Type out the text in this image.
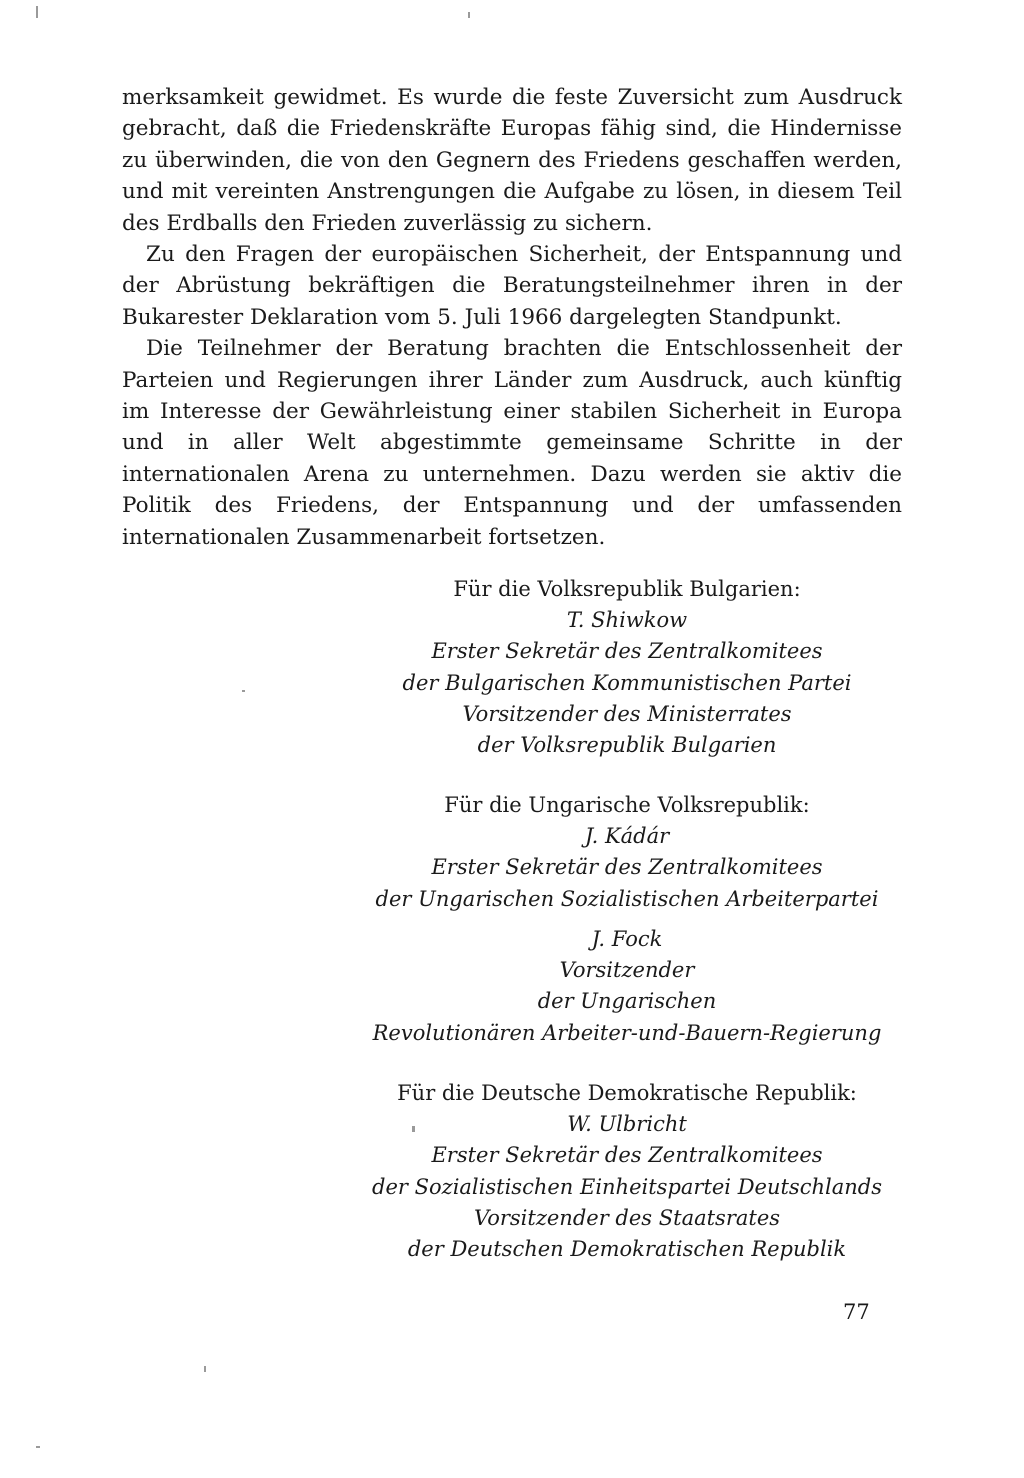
merksamkeit gewidmet. Es wurde die feste Zuversicht zum Ausdruck gebracht, daß die Friedenskräfte Europas fähig sind, die Hindernisse zu überwinden, die von den Gegnern des Friedens geschaffen werden, und mit vereinten Anstrengungen die Aufgabe zu lösen, in diesem Teil des Erdballs den Frieden zuverlässig zu sichern.

Zu den Fragen der europäischen Sicherheit, der Entspannung und der Abrüstung bekräftigen die Beratungsteilnehmer ihren in der Bukarester Deklaration vom 5. Juli 1966 dargelegten Standpunkt.

Die Teilnehmer der Beratung brachten die Entschlossenheit der Parteien und Regierungen ihrer Länder zum Ausdruck, auch künftig im Interesse der Gewährleistung einer stabilen Sicherheit in Europa und in aller Welt abgestimmte gemeinsame Schritte in der internationalen Arena zu unternehmen. Dazu werden sie aktiv die Politik des Friedens, der Entspannung und der umfassenden internationalen Zusammenarbeit fortsetzen.

Für die Volksrepublik Bulgarien:
T. Shiwkow
Erster Sekretär des Zentralkomitees
der Bulgarischen Kommunistischen Partei
Vorsitzender des Ministerrates
der Volksrepublik Bulgarien
Für die Ungarische Volksrepublik:
J. Kádár
Erster Sekretär des Zentralkomitees
der Ungarischen Sozialistischen Arbeiterpartei
J. Fock
Vorsitzender
der Ungarischen
Revolutionären Arbeiter-und-Bauern-Regierung
Für die Deutsche Demokratische Republik:
W. Ulbricht
Erster Sekretär des Zentralkomitees
der Sozialistischen Einheitspartei Deutschlands
Vorsitzender des Staatsrates
der Deutschen Demokratischen Republik
77
